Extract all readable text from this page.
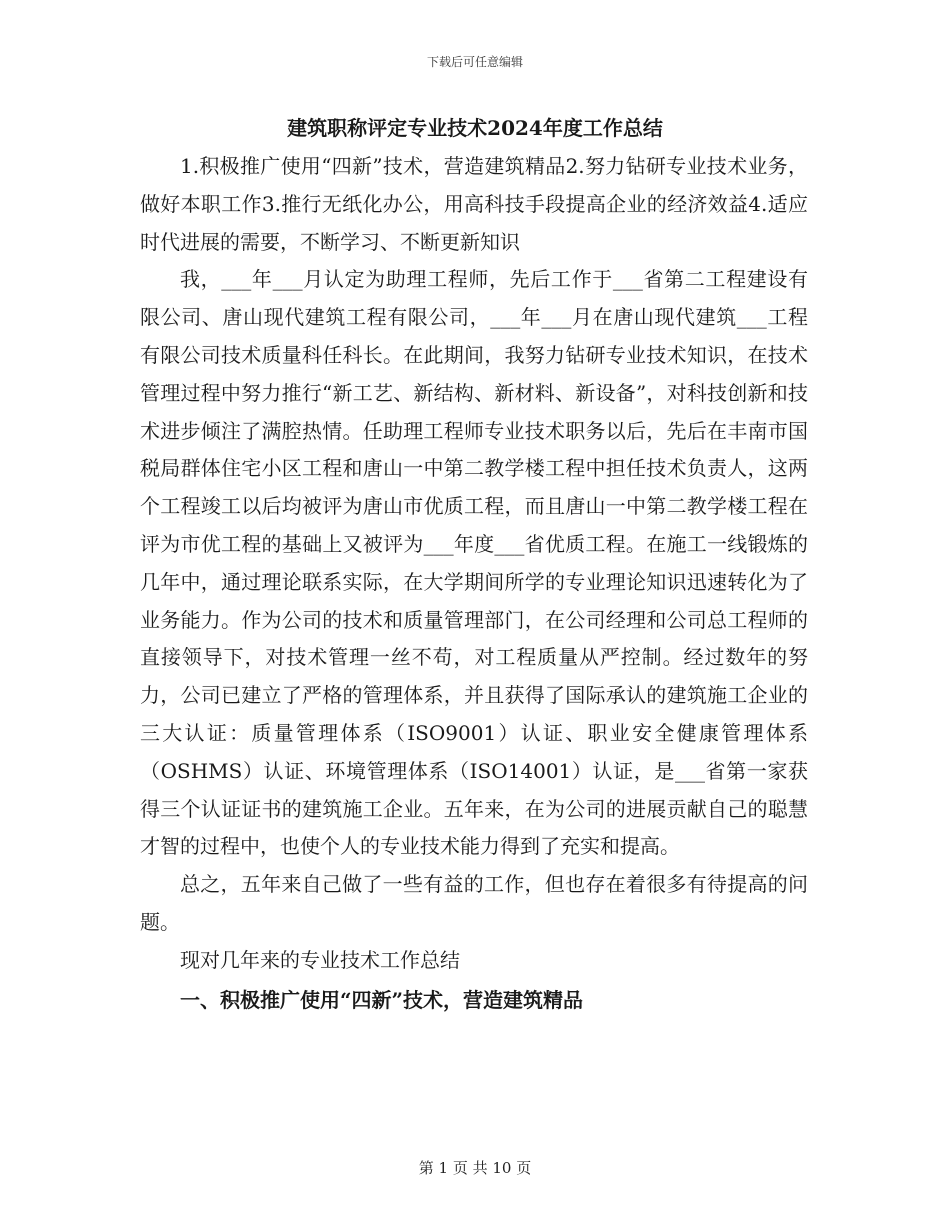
下载后可任意编辑
建筑职称评定专业技术2024年度工作总结

1.积极推广使用“四新”技术，营造建筑精品2.努力钻研专业技术业务，做好本职工作3.推行无纸化办公，用高科技手段提高企业的经济效益4.适应时代进展的需要，不断学习、不断更新知识

我，___年___月认定为助理工程师，先后工作于___省第二工程建设有限公司、唐山现代建筑工程有限公司，___年___月在唐山现代建筑___工程有限公司技术质量科任科长。在此期间，我努力钻研专业技术知识，在技术管理过程中努力推行“新工艺、新结构、新材料、新设备”，对科技创新和技术进步倾注了满腔热情。任助理工程师专业技术职务以后，先后在丰南市国税局群体住宅小区工程和唐山一中第二教学楼工程中担任技术负责人，这两个工程竣工以后均被评为唐山市优质工程，而且唐山一中第二教学楼工程在评为市优工程的基础上又被评为___年度___省优质工程。在施工一线锻炼的几年中，通过理论联系实际，在大学期间所学的专业理论知识迅速转化为了业务能力。作为公司的技术和质量管理部门，在公司经理和公司总工程师的直接领导下，对技术管理一丝不苟，对工程质量从严控制。经过数年的努力，公司已建立了严格的管理体系，并且获得了国际承认的建筑施工企业的三大认证：质量管理体系（ISO9001）认证、职业安全健康管理体系（OSHMS）认证、环境管理体系（ISO14001）认证，是___省第一家获得三个认证证书的建筑施工企业。五年来，在为公司的进展贡献自己的聪慧才智的过程中，也使个人的专业技术能力得到了充实和提高。

总之，五年来自己做了一些有益的工作，但也存在着很多有待提高的问题。

现对几年来的专业技术工作总结

一、积极推广使用“四新”技术，营造建筑精品

第 1 页 共 10 页
